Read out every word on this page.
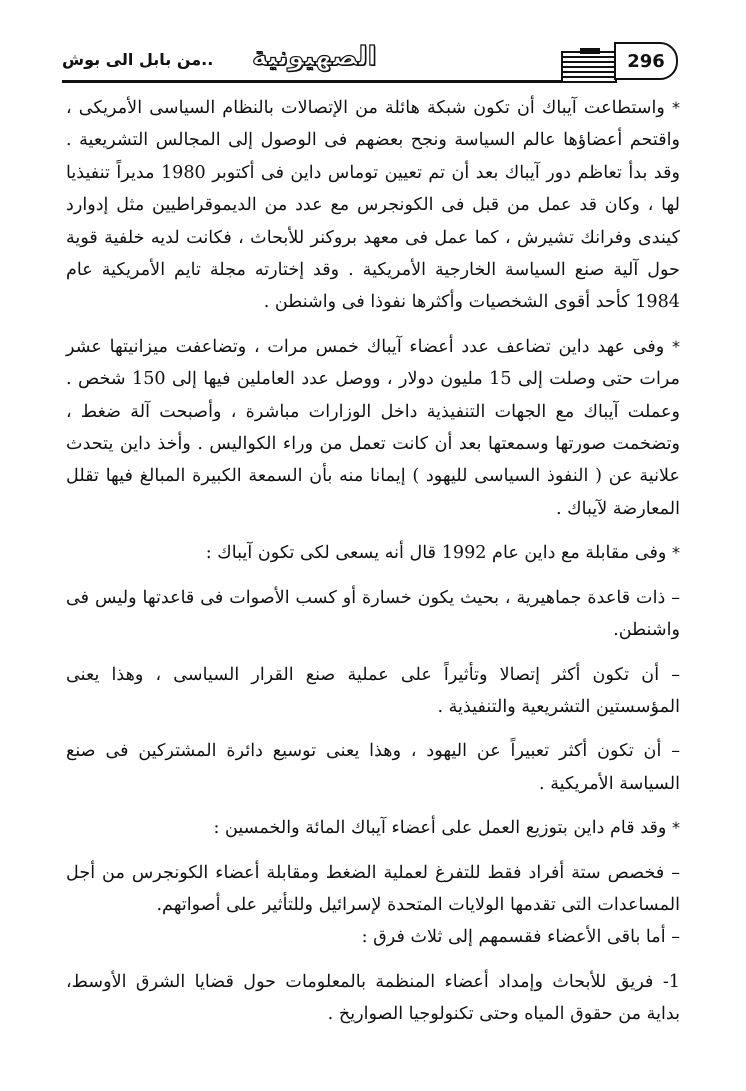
..من بابل الى بوش الصهيونية	296

* واستطاعت آيباك أن تكون شبكة هائلة من الإتصالات بالنظام السياسى الأمريكى ، واقتحم أعضاؤها عالم السياسة ونجح بعضهم فى الوصول إلى المجالس التشريعية . وقد بدأ تعاظم دور آيباك بعد أن تم تعيين توماس داين فى أكتوبر 1980 مديراً تنفيذيا لها ، وكان قد عمل من قبل فى الكونجرس مع عدد من الديموقراطيين مثل إدوارد كيندى وفرانك تشيرش ، كما عمل فى معهد بروكنر للأبحاث ، فكانت لديه خلفية قوية حول آلية صنع السياسة الخارجية الأمريكية . وقد إختارته مجلة تايم الأمريكية عام 1984 كأحد أقوى الشخصيات وأكثرها نفوذا فى واشنطن .

* وفى عهد داين تضاعف عدد أعضاء آيباك خمس مرات ، وتضاعفت ميزانيتها عشر مرات حتى وصلت إلى 15 مليون دولار ، ووصل عدد العاملين فيها إلى 150 شخص . وعملت آيباك مع الجهات التنفيذية داخل الوزارات مباشرة ، وأصبحت آلة ضغط ، وتضخمت صورتها وسمعتها بعد أن كانت تعمل من وراء الكواليس . وأخذ داين يتحدث علانية عن ( النفوذ السياسى لليهود ) إيمانا منه بأن السمعة الكبيرة المبالغ فيها تقلل المعارضة لآيباك .

* وفى مقابلة مع داين عام 1992 قال أنه يسعى لكى تكون آيباك :

– ذات قاعدة جماهيرية ، بحيث يكون خسارة أو كسب الأصوات فى قاعدتها وليس فى واشنطن.

– أن تكون أكثر إتصالا وتأثيراً على عملية صنع القرار السياسى ، وهذا يعنى المؤسستين التشريعية والتنفيذية .

– أن تكون أكثر تعبيراً عن اليهود ، وهذا يعنى توسيع دائرة المشتركين فى صنع السياسة الأمريكية .

* وقد قام داين بتوزيع العمل على أعضاء آيباك المائة والخمسين :

– فخصص ستة أفراد فقط للتفرغ لعملية الضغط ومقابلة أعضاء الكونجرس من أجل المساعدات التى تقدمها الولايات المتحدة لإسرائيل وللتأثير على أصواتهم.

– أما باقى الأعضاء فقسمهم إلى ثلاث فرق :

1- فريق للأبحاث وإمداد أعضاء المنظمة بالمعلومات حول قضايا الشرق الأوسط، بداية من حقوق المياه وحتى تكنولوجيا الصواريخ .
